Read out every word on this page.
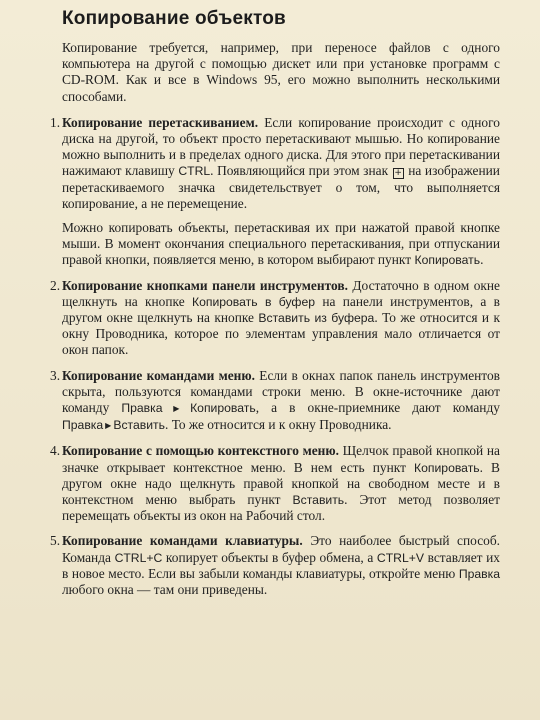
Копирование объектов

Копирование требуется, например, при переносе файлов с одного компьютера на другой с помощью дискет или при установке программ с CD-ROM. Как и все в Windows 95, его можно выполнить несколькими способами.

1. Копирование перетаскиванием. Если копирование происходит с одного диска на другой, то объект просто перетаскивают мышью. Но копирование можно выполнить и в пределах одного диска. Для этого при перетаскивании нажимают клавишу CTRL. Появляющийся при этом знак + на изображении перетаскиваемого значка свидетельствует о том, что выполняется копирование, а не перемещение.

Можно копировать объекты, перетаскивая их при нажатой правой кнопке мыши. В момент окончания специального перетаскивания, при отпускании правой кнопки, появляется меню, в котором выбирают пункт Копировать.

2. Копирование кнопками панели инструментов. Достаточно в одном окне щелкнуть на кнопке Копировать в буфер на панели инструментов, а в другом окне щелкнуть на кнопке Вставить из буфера. То же относится и к окну Проводника, которое по элементам управления мало отличается от окон папок.

3. Копирование командами меню. Если в окнах папок панель инструментов скрыта, пользуются командами строки меню. В окне-источнике дают команду Правка ▶ Копировать, а в окне-приемнике дают команду Правка ▶ Вставить. То же относится и к окну Проводника.

4. Копирование с помощью контекстного меню. Щелчок правой кнопкой на значке открывает контекстное меню. В нем есть пункт Копировать. В другом окне надо щелкнуть правой кнопкой на свободном месте и в контекстном меню выбрать пункт Вставить. Этот метод позволяет перемещать объекты из окон на Рабочий стол.

5. Копирование командами клавиатуры. Это наиболее быстрый способ. Команда CTRL+C копирует объекты в буфер обмена, а CTRL+V вставляет их в новое место. Если вы забыли команды клавиатуры, откройте меню Правка любого окна — там они приведены.
